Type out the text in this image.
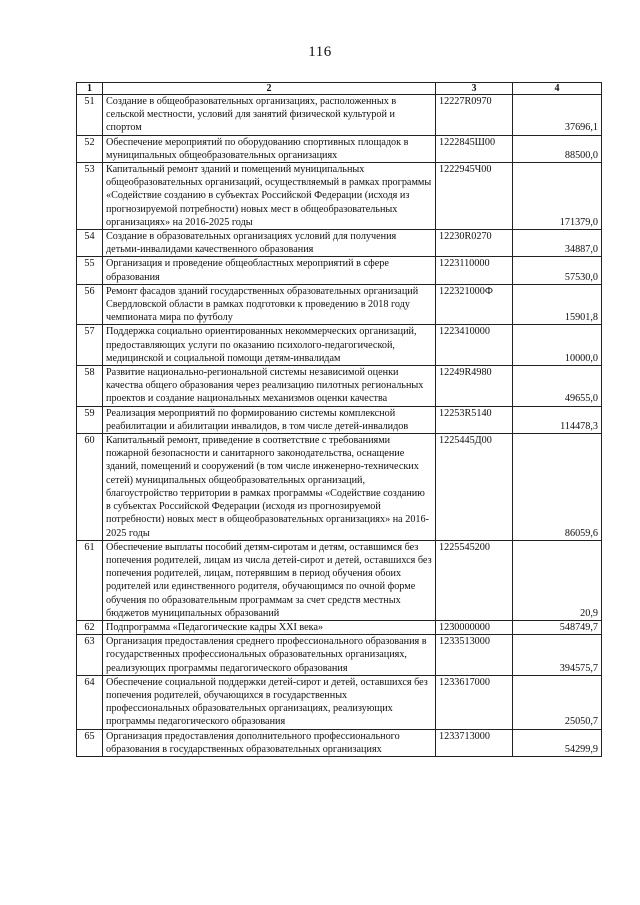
116
1	2	3	4
51	Создание в общеобразовательных организациях, расположенных в сельской местности, условий для занятий физической культурой и спортом	12227R0970	37696,1
52	Обеспечение мероприятий по оборудованию спортивных площадок в муниципальных общеобразовательных организациях	1222845Ш00	88500,0
53	Капитальный ремонт зданий и помещений муниципальных общеобразовательных организаций, осуществляемый в рамках программы «Содействие созданию в субъектах Российской Федерации (исходя из прогнозируемой потребности) новых мест в общеобразовательных организациях» на 2016-2025 годы	1222945Ч00	171379,0
54	Создание в образовательных организациях условий для получения детьми-инвалидами качественного образования	12230R0270	34887,0
55	Организация и проведение общеобластных мероприятий в сфере образования	1223110000	57530,0
56	Ремонт фасадов зданий государственных образовательных организаций Свердловской области в рамках подготовки к проведению в 2018 году чемпионата мира по футболу	122321000Ф	15901,8
57	Поддержка социально ориентированных некоммерческих организаций, предоставляющих услуги по оказанию психолого-педагогической, медицинской и социальной помощи детям-инвалидам	1223410000	10000,0
58	Развитие национально-региональной системы независимой оценки качества общего образования через реализацию пилотных региональных проектов и создание национальных механизмов оценки качества	12249R4980	49655,0
59	Реализация мероприятий по формированию системы комплексной реабилитации и абилитации инвалидов, в том числе детей-инвалидов	12253R5140	114478,3
60	Капитальный ремонт, приведение в соответствие с требованиями пожарной безопасности и санитарного законодательства, оснащение зданий, помещений и сооружений (в том числе инженерно-технических сетей) муниципальных общеобразовательных организаций, благоустройство территории в рамках программы «Содействие созданию в субъектах Российской Федерации (исходя из прогнозируемой потребности) новых мест в общеобразовательных организациях» на 2016-2025 годы	1225445Д00	86059,6
61	Обеспечение выплаты пособий детям-сиротам и детям, оставшимся без попечения родителей, лицам из числа детей-сирот и детей, оставшихся без попечения родителей, лицам, потерявшим в период обучения обоих родителей или единственного родителя, обучающимся по очной форме обучения по образовательным программам за счет средств местных бюджетов муниципальных образований	1225545200	20,9
62	Подпрограмма «Педагогические кадры XXI века»	1230000000	548749,7
63	Организация предоставления среднего профессионального образования в государственных профессиональных образовательных организациях, реализующих программы педагогического образования	1233513000	394575,7
64	Обеспечение социальной поддержки детей-сирот и детей, оставшихся без попечения родителей, обучающихся в государственных профессиональных образовательных организациях, реализующих программы педагогического образования	1233617000	25050,7
65	Организация предоставления дополнительного профессионального образования в государственных образовательных организациях	1233713000	54299,9
